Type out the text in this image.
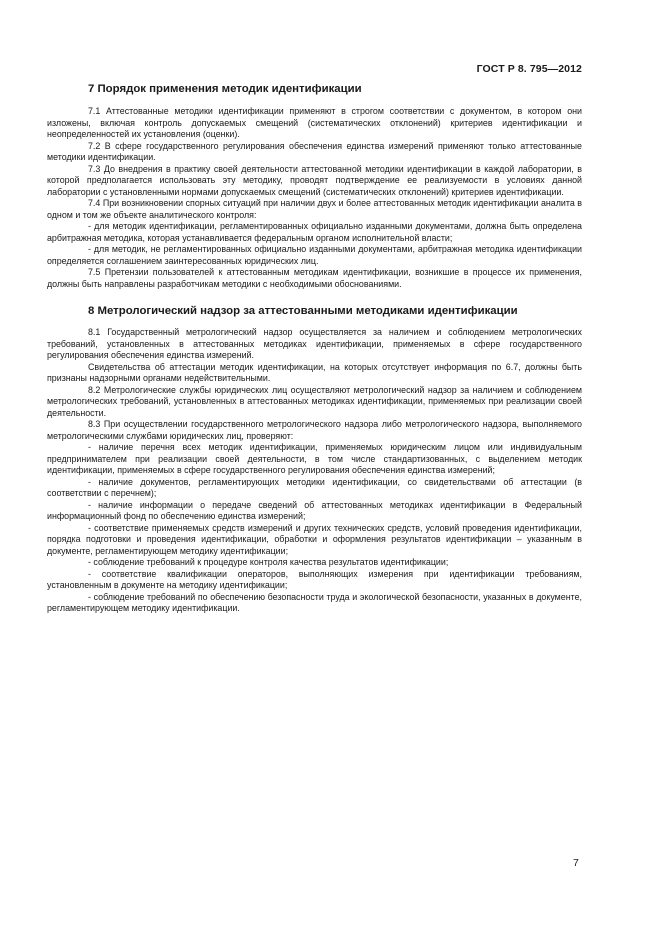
ГОСТ Р 8. 795—2012
7 Порядок применения методик идентификации

7.1 Аттестованные методики идентификации применяют в строгом соответствии с документом, в котором они изложены, включая контроль допускаемых смещений (систематических отклонений) критериев идентификации и неопределенностей их установления (оценки).

7.2 В сфере государственного регулирования обеспечения единства измерений применяют только аттестованные методики идентификации.

7.3 До внедрения в практику своей деятельности аттестованной методики идентификации в каждой лаборатории, в которой предполагается использовать эту методику, проводят подтверждение ее реализуемости в условиях данной лаборатории с установленными нормами допускаемых смещений (систематических отклонений) критериев идентификации.

7.4 При возникновении спорных ситуаций при наличии двух и более аттестованных методик идентификации аналита в одном и том же объекте аналитического контроля:

- для методик идентификации, регламентированных официально изданными документами, должна быть определена арбитражная методика, которая устанавливается федеральным органом исполнительной власти;

- для методик, не регламентированных официально изданными документами, арбитражная методика идентификации определяется соглашением заинтересованных юридических лиц.

7.5 Претензии пользователей к аттестованным методикам идентификации, возникшие в процессе их применения, должны быть направлены разработчикам методики с необходимыми обоснованиями.

8 Метрологический надзор за аттестованными методиками идентификации

8.1 Государственный метрологический надзор осуществляется за наличием и соблюдением метрологических требований, установленных в аттестованных методиках идентификации, применяемых в сфере государственного регулирования обеспечения единства измерений.

Свидетельства об аттестации методик идентификации, на которых отсутствует информация по 6.7, должны быть признаны надзорными органами недействительными.

8.2 Метрологические службы юридических лиц осуществляют метрологический надзор за наличием и соблюдением метрологических требований, установленных в аттестованных методиках идентификации, применяемых при реализации своей деятельности.

8.3 При осуществлении государственного метрологического надзора либо метрологического надзора, выполняемого метрологическими службами юридических лиц, проверяют:

- наличие перечня всех методик идентификации, применяемых юридическим лицом или индивидуальным предпринимателем при реализации своей деятельности, в том числе стандартизованных, с выделением методик идентификации, применяемых в сфере государственного регулирования обеспечения единства измерений;

- наличие документов, регламентирующих методики идентификации, со свидетельствами об аттестации (в соответствии с перечнем);

- наличие информации о передаче сведений об аттестованных методиках идентификации в Федеральный информационный фонд по обеспечению единства измерений;

- соответствие применяемых средств измерений и других технических средств, условий проведения идентификации, порядка подготовки и проведения идентификации, обработки и оформления результатов идентификации – указанным в документе, регламентирующем методику идентификации;

- соблюдение требований к процедуре контроля качества результатов идентификации;

- соответствие квалификации операторов, выполняющих измерения при идентификации требованиям, установленным в документе на методику идентификации;

- соблюдение требований по обеспечению безопасности труда и экологической безопасности, указанных в документе, регламентирующем методику идентификации.

7
